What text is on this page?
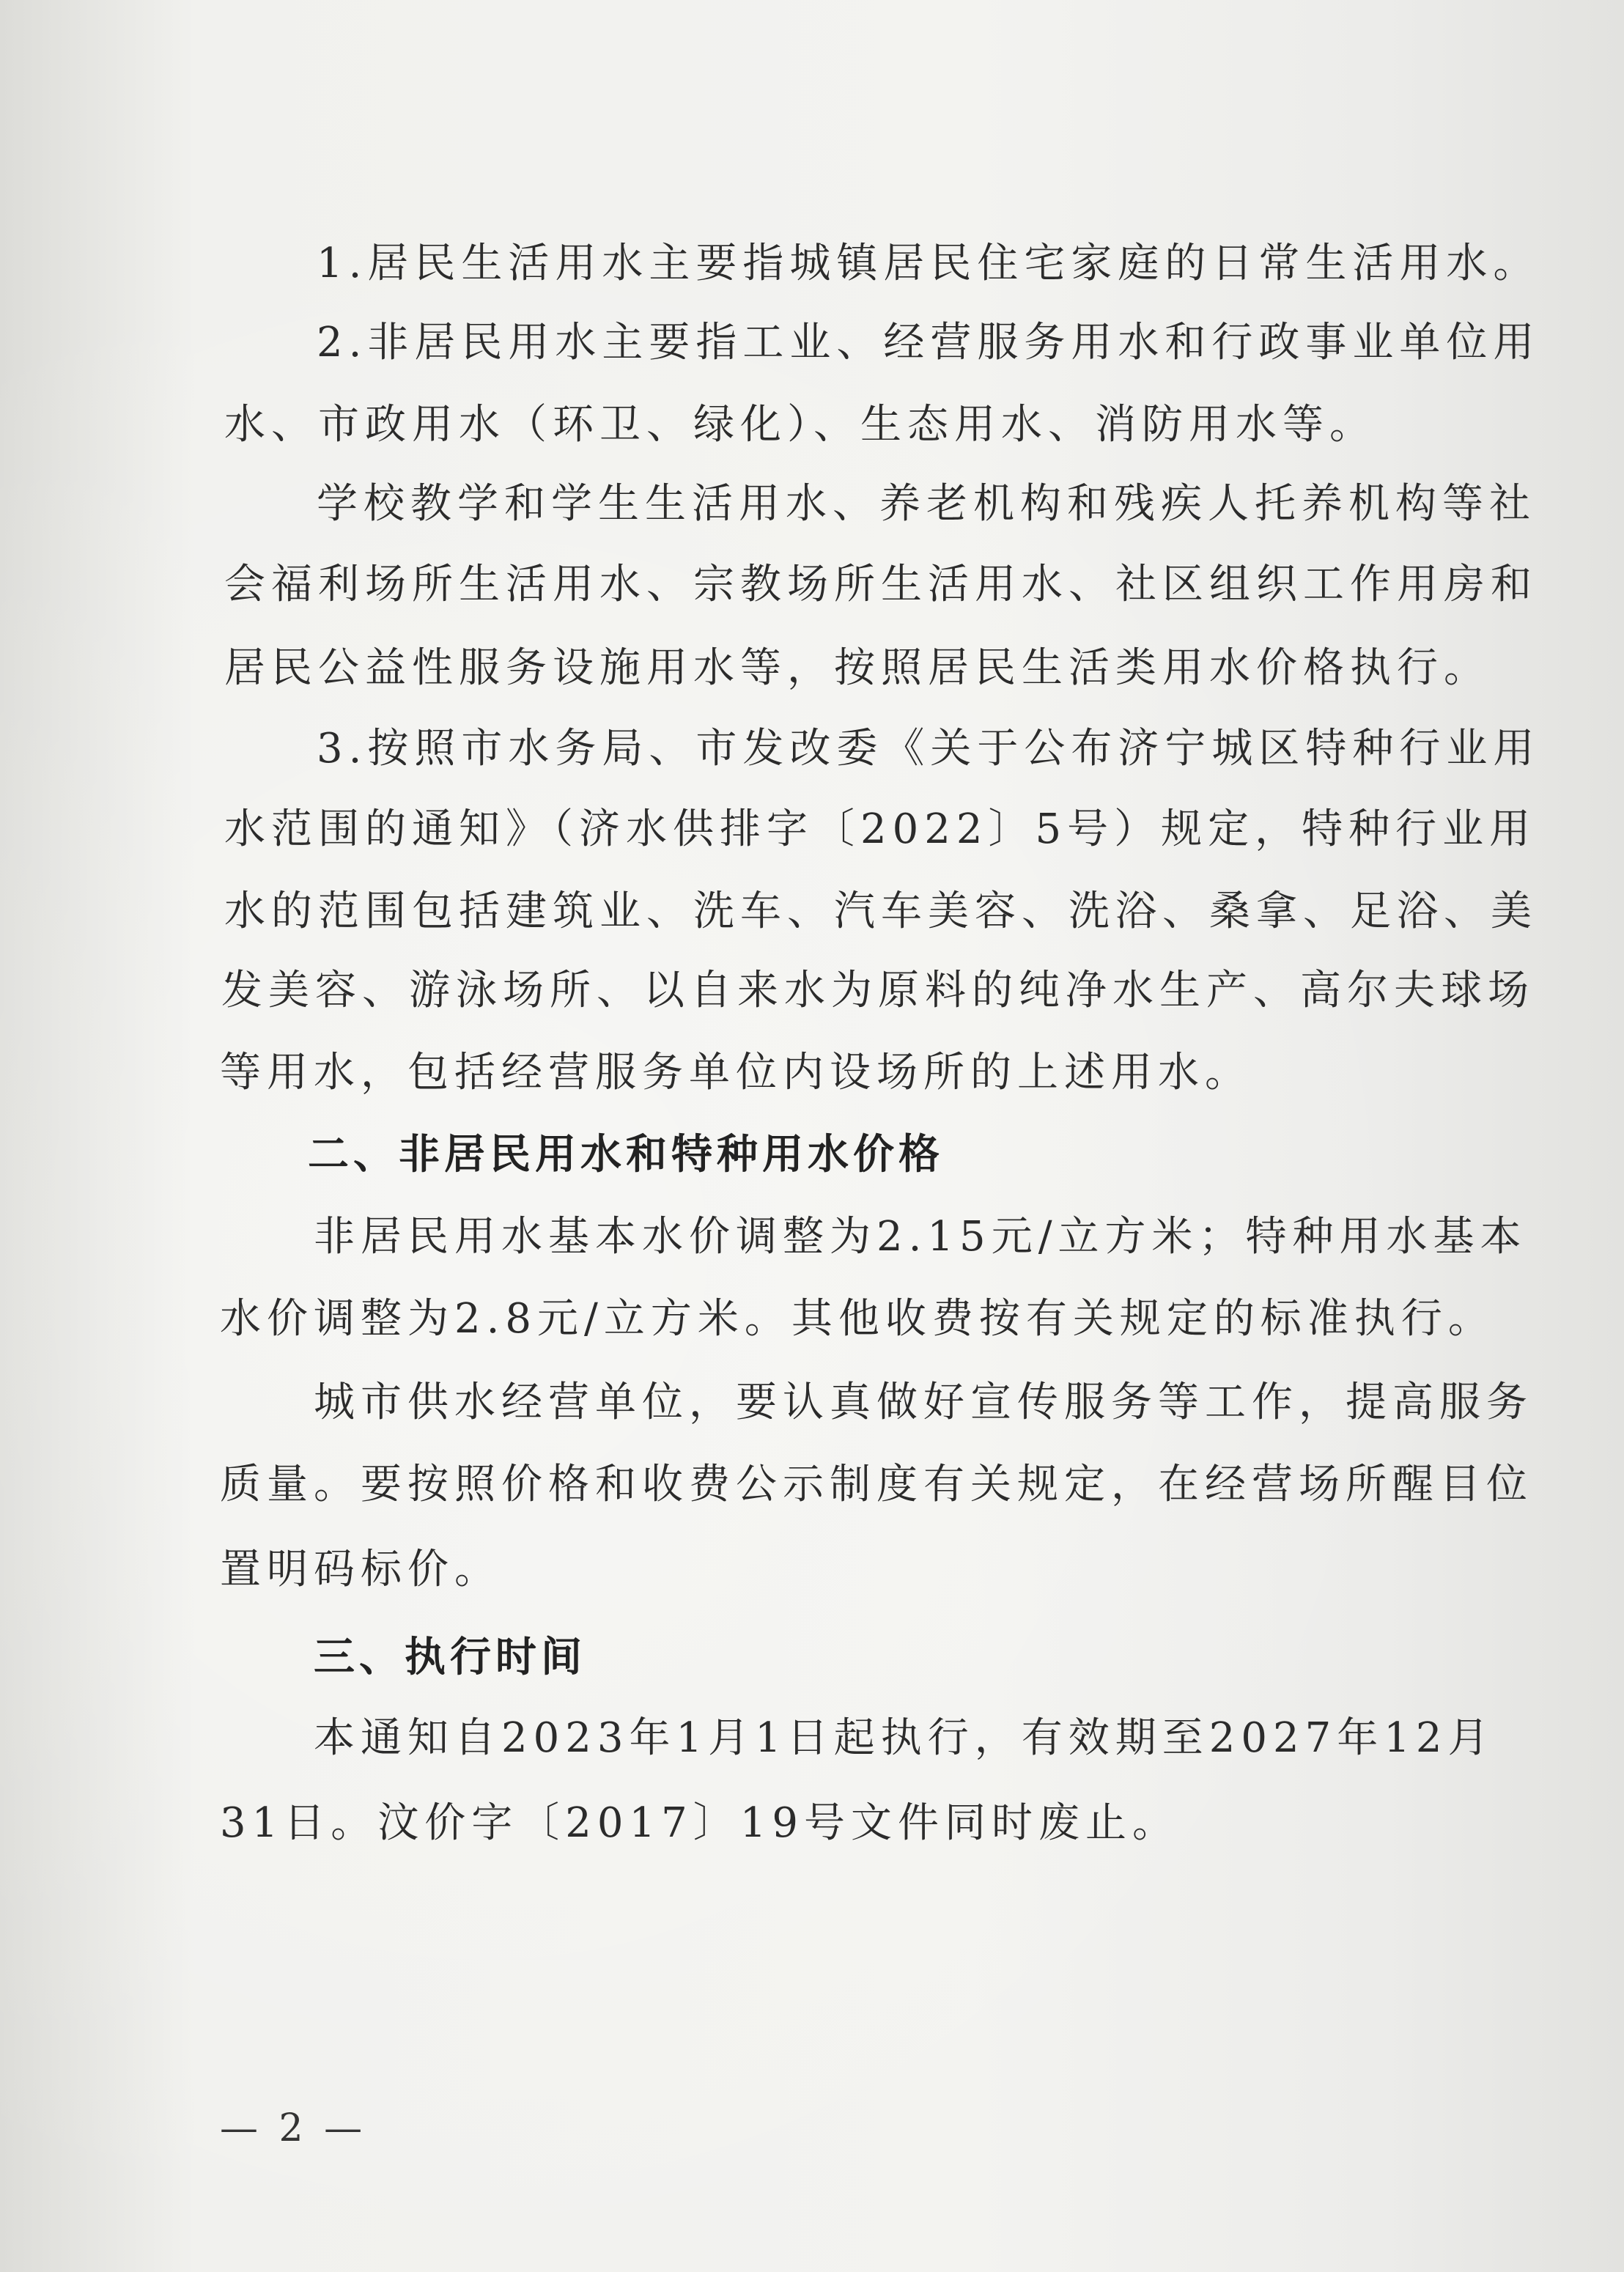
1.居民生活用水主要指城镇居民住宅家庭的日常生活用水。
2.非居民用水主要指工业、经营服务用水和行政事业单位用
水、市政用水（环卫、绿化）、生态用水、消防用水等。
学校教学和学生生活用水、养老机构和残疾人托养机构等社
会福利场所生活用水、宗教场所生活用水、社区组织工作用房和
居民公益性服务设施用水等，按照居民生活类用水价格执行。
3.按照市水务局、市发改委《关于公布济宁城区特种行业用
水范围的通知》（济水供排字〔2022〕5号）规定，特种行业用
水的范围包括建筑业、洗车、汽车美容、洗浴、桑拿、足浴、美
发美容、游泳场所、以自来水为原料的纯净水生产、高尔夫球场
等用水，包括经营服务单位内设场所的上述用水。
二、非居民用水和特种用水价格
非居民用水基本水价调整为2.15元/立方米；特种用水基本
水价调整为2.8元/立方米。其他收费按有关规定的标准执行。
城市供水经营单位，要认真做好宣传服务等工作，提高服务
质量。要按照价格和收费公示制度有关规定，在经营场所醒目位
置明码标价。
三、执行时间
本通知自2023年1月1日起执行，有效期至2027年12月
31日。汶价字〔2017〕19号文件同时废止。
— 2 —
